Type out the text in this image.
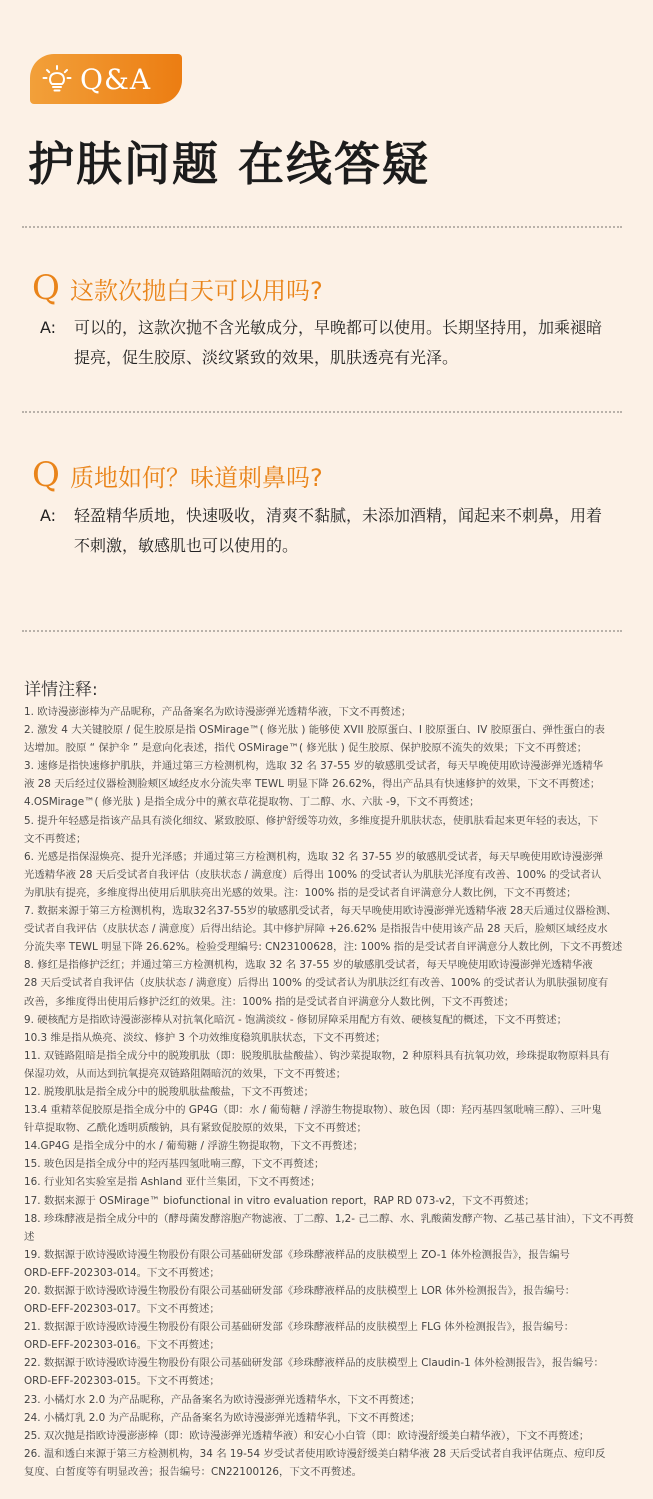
Q&A
护肤问题 在线答疑
Q 这款次抛白天可以用吗?
A:	可以的，这款次抛不含光敏成分，早晚都可以使用。长期坚持用，加乘褪暗提亮，促生胶原、淡纹紧致的效果，肌肤透亮有光泽。
Q 质地如何？味道刺鼻吗?
A:	轻盈精华质地，快速吸收，清爽不黏腻，未添加酒精，闻起来不刺鼻，用着不刺激，敏感肌也可以使用的。
详情注释:
1. 欧诗漫澎澎棒为产品昵称，产品备案名为欧诗漫澎弹光透精华液，下文不再赘述；
2. 激发 4 大关键胶原 / 促生胶原是指 OSMirage™( 修光肽 ) 能够使 XVII 胶原蛋白、I 胶原蛋白、IV 胶原蛋白、弹性蛋白的表
达增加。胶原 “ 保护伞 ” 是意向化表述，指代 OSMirage™( 修光肽 ) 促生胶原、保护胶原不流失的效果；下文不再赘述；
3. 速修是指快速修护肌肤，并通过第三方检测机构，选取 32 名 37-55 岁的敏感肌受试者，每天早晚使用欧诗漫澎弹光透精华
液 28 天后经过仪器检测脸颊区域经皮水分流失率 TEWL 明显下降 26.62%，得出产品具有快速修护的效果，下文不再赘述；
4.OSMirage™( 修光肽 ) 是指全成分中的薰衣草花提取物、丁二醇、水、六肽 -9，下文不再赘述；
5. 提升年轻感是指该产品具有淡化细纹、紧致胶原、修护舒缓等功效，多维度提升肌肤状态，使肌肤看起来更年轻的表达，下
文不再赘述；
6. 光感是指保湿焕亮、提升光泽感；并通过第三方检测机构，选取 32 名 37-55 岁的敏感肌受试者，每天早晚使用欧诗漫澎弹
光透精华液 28 天后受试者自我评估（皮肤状态 / 满意度）后得出 100% 的受试者认为肌肤光泽度有改善、100% 的受试者认
为肌肤有提亮，多维度得出使用后肌肤亮出光感的效果。注：100% 指的是受试者自评满意分人数比例，下文不再赘述；
7. 数据来源于第三方检测机构，选取32名37-55岁的敏感肌受试者，每天早晚使用欧诗漫澎弹光透精华液 28天后通过仪器检测、
受试者自我评估（皮肤状态 / 满意度）后得出结论。其中修护屏障 +26.62% 是指报告中使用该产品 28 天后，脸颊区域经皮水
分流失率 TEWL 明显下降 26.62%。检验受理编号: CN23100628，注: 100% 指的是受试者自评满意分人数比例，下文不再赘述
8. 修红是指修护泛红；并通过第三方检测机构，选取 32 名 37-55 岁的敏感肌受试者，每天早晚使用欧诗漫澎弹光透精华液
28 天后受试者自我评估（皮肤状态 / 满意度）后得出 100% 的受试者认为肌肤泛红有改善、100% 的受试者认为肌肤强韧度有
改善，多维度得出使用后修护泛红的效果。注：100% 指的是受试者自评满意分人数比例，下文不再赘述；
9. 硬核配方是指欧诗漫澎澎棒从对抗氧化暗沉 - 饱满淡纹 - 修韧屏障采用配方有效、硬核复配的概述，下文不再赘述；
10.3 维是指从焕亮、淡纹、修护 3 个功效维度稳筑肌肤状态，下文不再赘述；
11. 双链路阻暗是指全成分中的脱羧肌肽（即：脱羧肌肽盐酸盐）、钩沙菜提取物，2 种原料具有抗氧功效，珍珠提取物原料具有
保湿功效，从而达到抗氧提亮双链路阻隔暗沉的效果，下文不再赘述；
12. 脱羧肌肽是指全成分中的脱羧肌肽盐酸盐，下文不再赘述；
13.4 重精萃促胶原是指全成分中的 GP4G（即：水 / 葡萄糖 / 浮游生物提取物）、玻色因（即：羟丙基四氢吡喃三醇）、三叶鬼
针草提取物、乙酰化透明质酸钠，具有紧致促胶原的效果，下文不再赘述；
14.GP4G 是指全成分中的水 / 葡萄糖 / 浮游生物提取物，下文不再赘述；
15. 玻色因是指全成分中的羟丙基四氢吡喃三醇，下文不再赘述；
16. 行业知名实验室是指 Ashland 亚什兰集团，下文不再赘述；
17. 数据来源于 OSMirage™ biofunctional in vitro evaluation report，RAP RD 073-v2，下文不再赘述；
18. 珍珠酵液是指全成分中的（酵母菌发酵溶胞产物滤液、丁二醇、1,2- 己二醇、水、乳酸菌发酵产物、乙基己基甘油），下文不再赘述
19. 数据源于欧诗漫欧诗漫生物股份有限公司基础研发部《珍珠酵液样品的皮肤模型上 ZO-1 体外检测报告》，报告编号
ORD-EFF-202303-014。下文不再赘述；
20. 数据源于欧诗漫欧诗漫生物股份有限公司基础研发部《珍珠酵液样品的皮肤模型上 LOR 体外检测报告》，报告编号：
ORD-EFF-202303-017。下文不再赘述；
21. 数据源于欧诗漫欧诗漫生物股份有限公司基础研发部《珍珠酵液样品的皮肤模型上 FLG 体外检测报告》，报告编号：
ORD-EFF-202303-016。下文不再赘述；
22. 数据源于欧诗漫欧诗漫生物股份有限公司基础研发部《珍珠酵液样品的皮肤模型上 Claudin-1 体外检测报告》，报告编号：
ORD-EFF-202303-015。下文不再赘述；
23. 小橘灯水 2.0 为产品昵称，产品备案名为欧诗漫澎弹光透精华水，下文不再赘述；
24. 小橘灯乳 2.0 为产品昵称，产品备案名为欧诗漫澎弹光透精华乳，下文不再赘述；
25. 双次抛是指欧诗漫澎澎棒（即：欧诗漫澎弹光透精华液）和安心小白管（即：欧诗漫舒缓美白精华液），下文不再赘述；
26. 温和透白来源于第三方检测机构，34 名 19-54 岁受试者使用欧诗漫舒缓美白精华液 28 天后受试者自我评估斑点、痘印反
复度、白皙度等有明显改善；报告编号：CN22100126，下文不再赘述。
